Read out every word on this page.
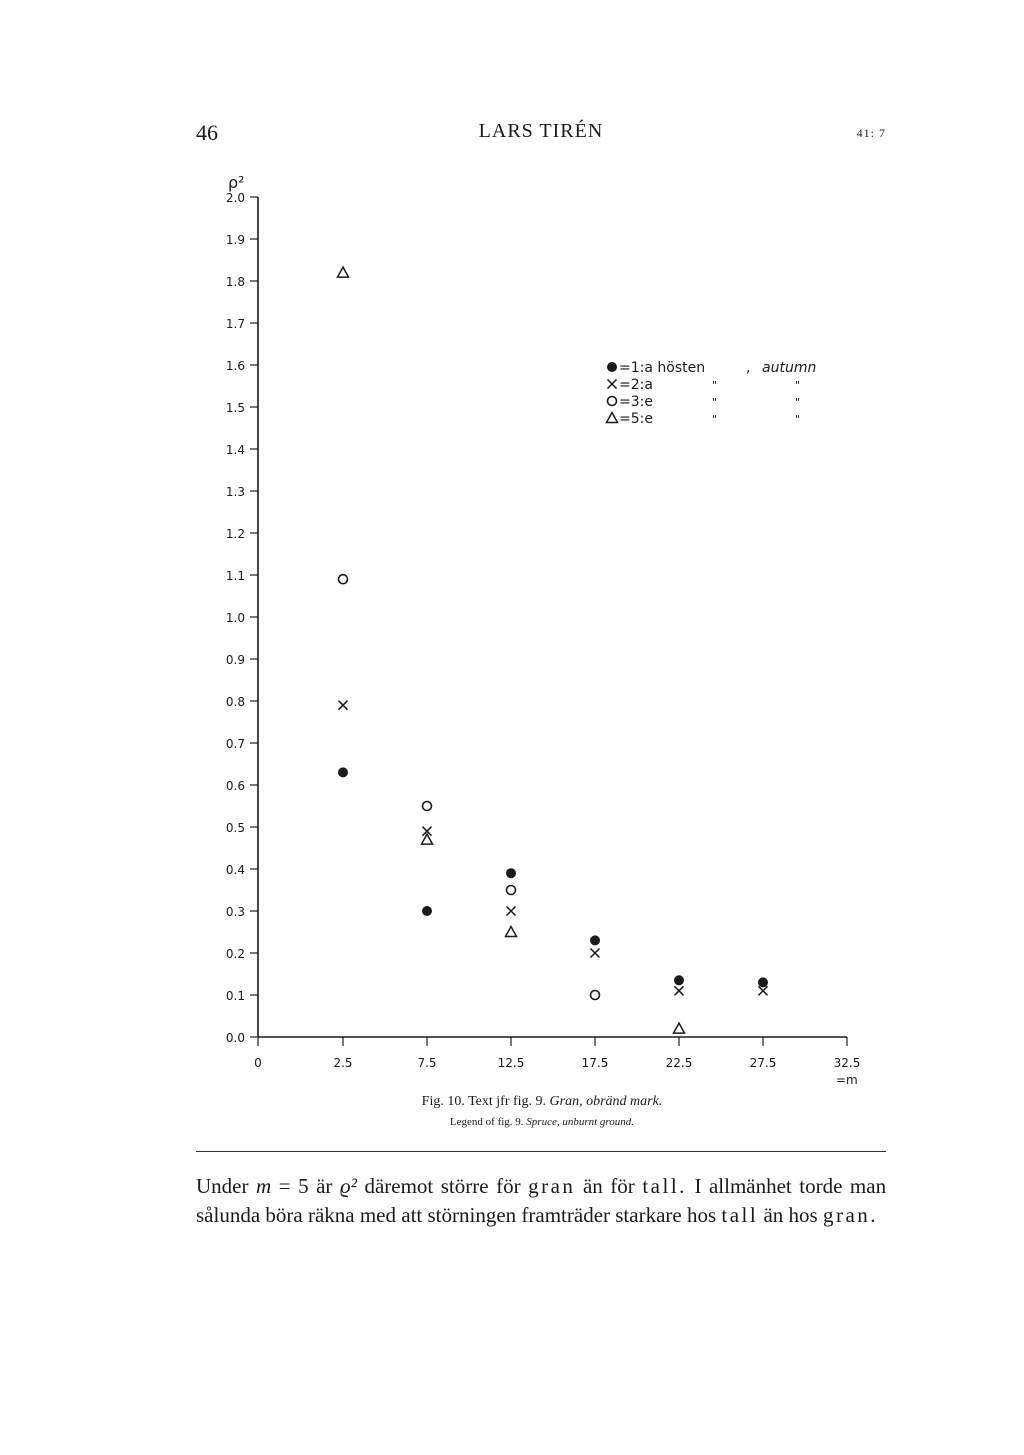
46	LARS TIRÉN	41: 7
ρ²
2.0
1.9
1.8
1.7
1.6
1.5
1.4
1.3
1.2
1.1
1.0
0.9
0.8
0.7
0.6
0.5
0.4
0.3
0.2
0.1
0.0
0	2.5	7.5	12.5	17.5	22.5	27.5	32.5
=m
=1:a hösten	, autumn
=2:a	"	"
=3:e	"	"
=5:e	"	"
Fig. 10. Text jfr fig. 9. Gran, obränd mark.
Legend of fig. 9. Spruce, unburnt ground.
Under m = 5 är ϱ² däremot större för gran än för tall. I allmänhet torde man sålunda böra räkna med att störningen framträder starkare hos tall än hos gran.
